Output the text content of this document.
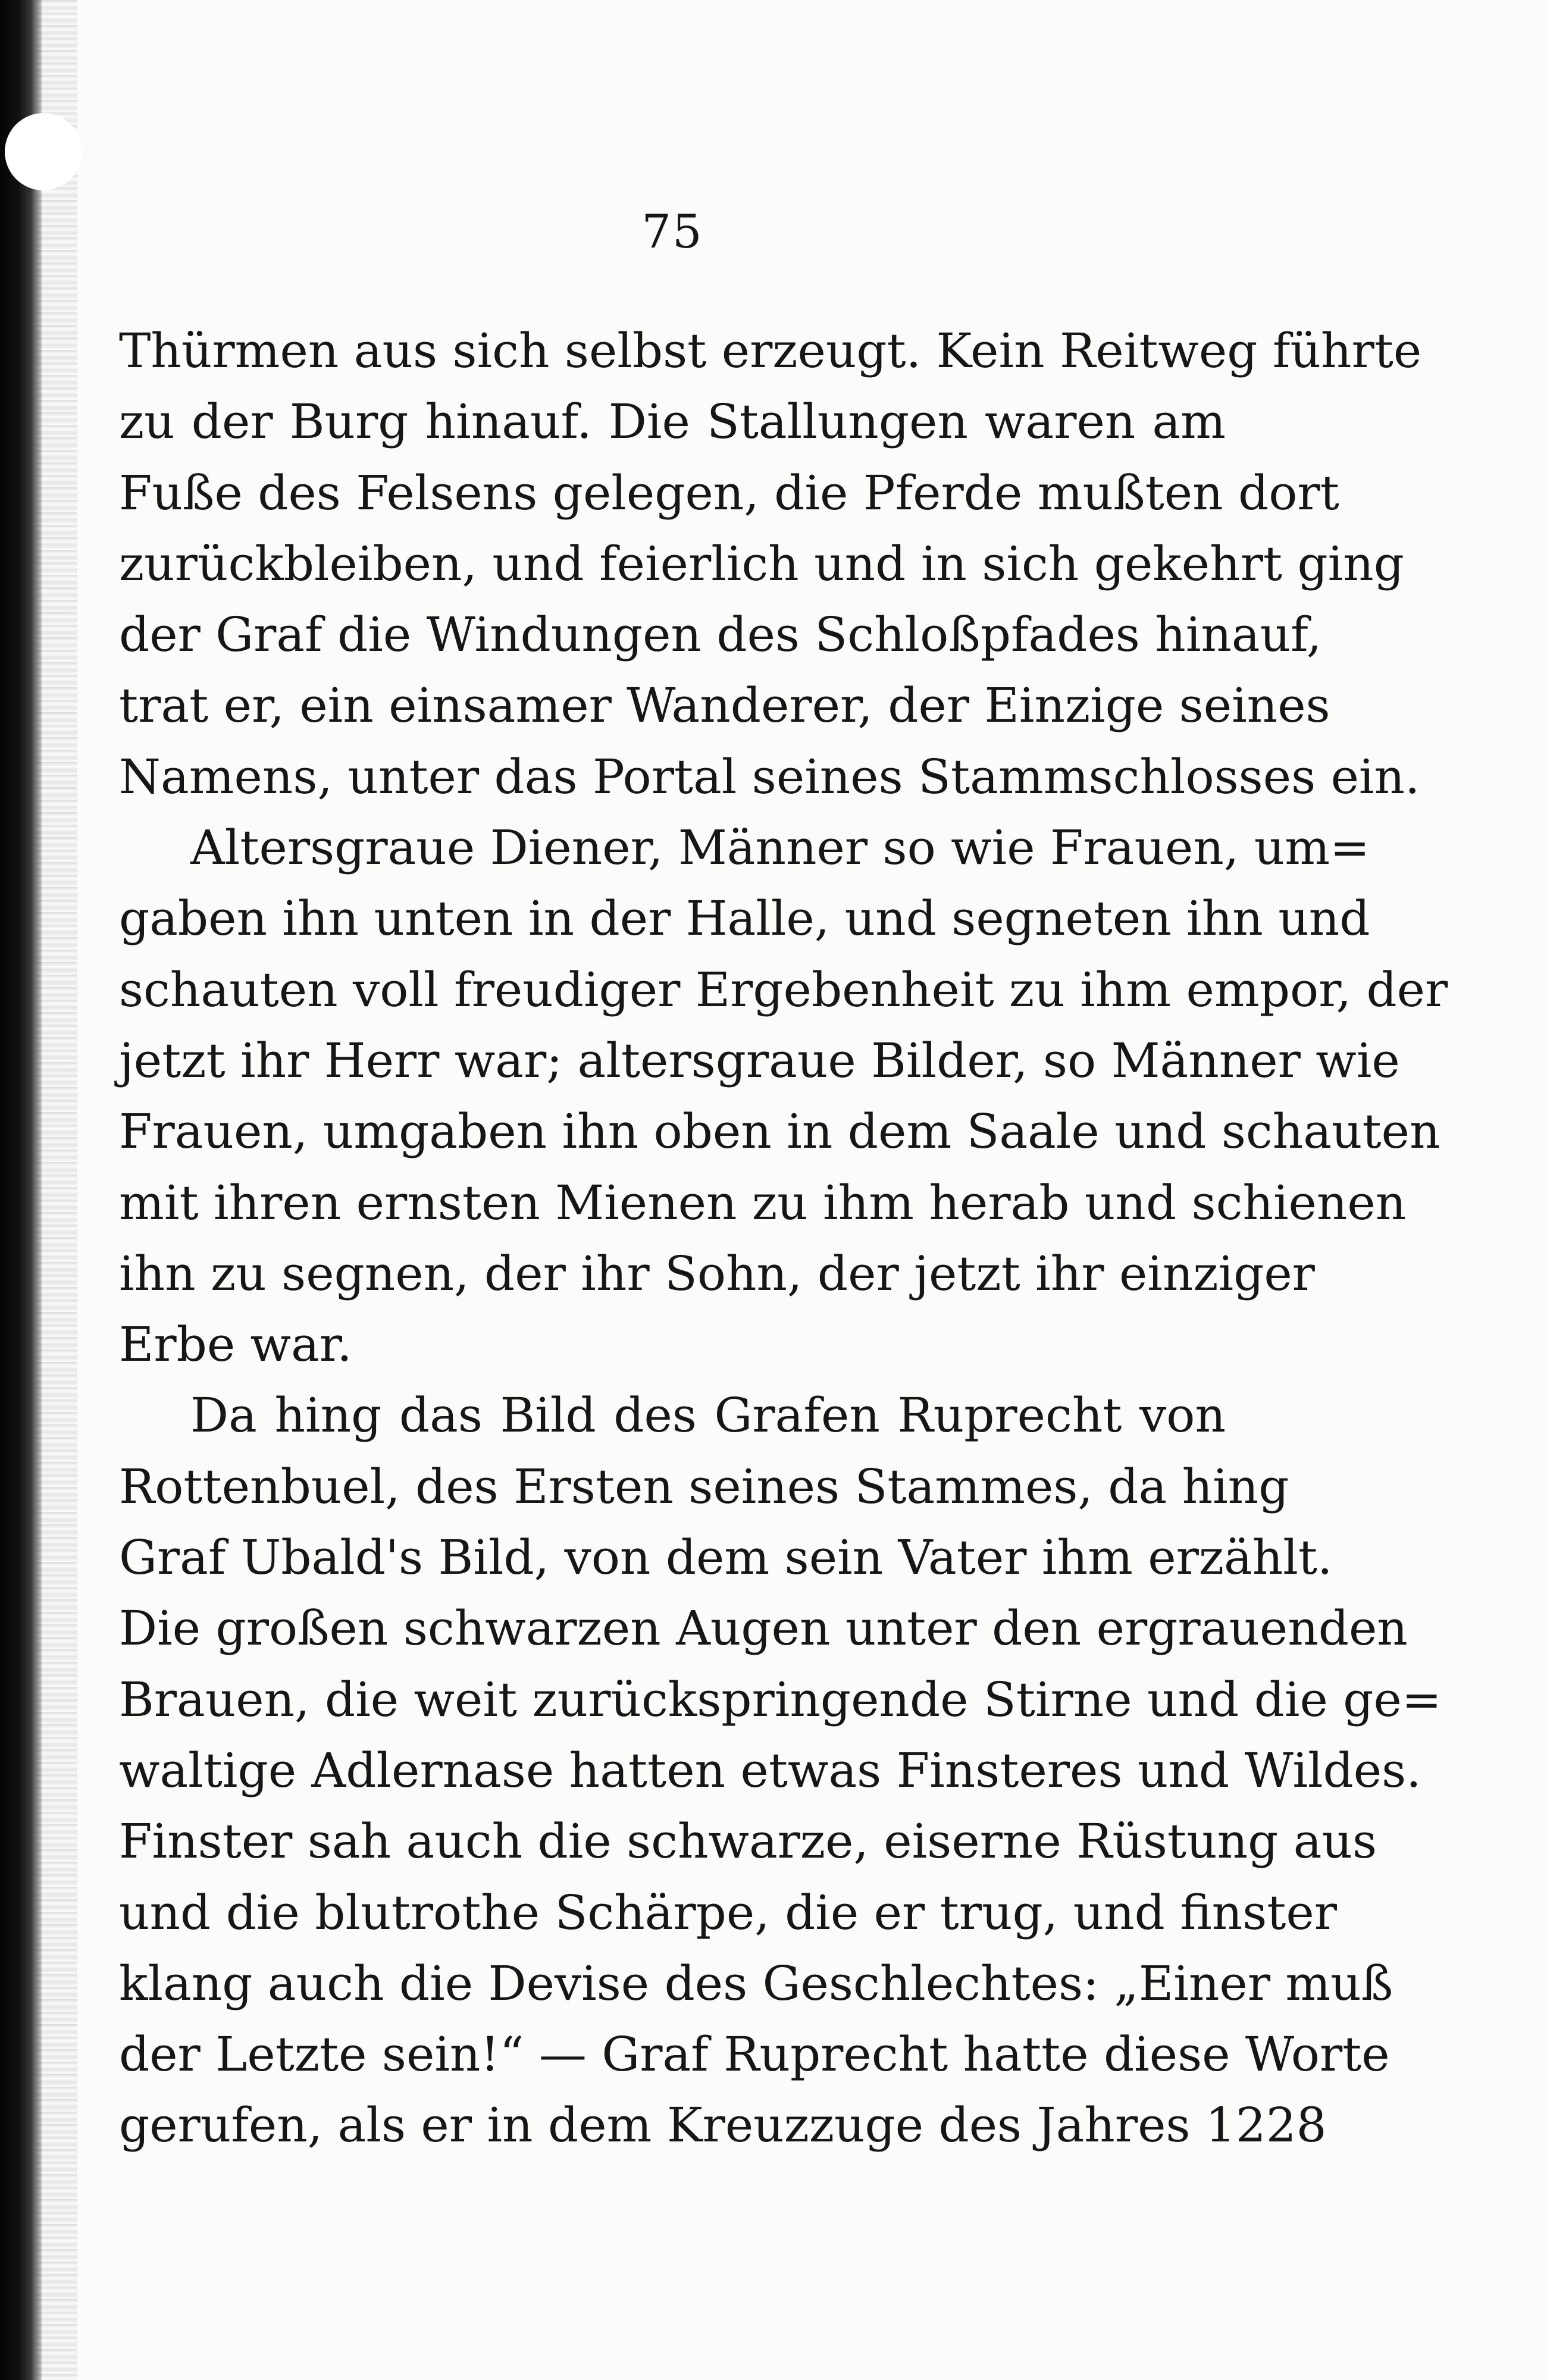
75
Thürmen aus sich selbst erzeugt. Kein Reitweg führte
zu der Burg hinauf. Die Stallungen waren am
Fuße des Felsens gelegen, die Pferde mußten dort
zurückbleiben, und feierlich und in sich gekehrt ging
der Graf die Windungen des Schloßpfades hinauf,
trat er, ein einsamer Wanderer, der Einzige seines
Namens, unter das Portal seines Stammschlosses ein.
Altersgraue Diener, Männer so wie Frauen, um=
gaben ihn unten in der Halle, und segneten ihn und
schauten voll freudiger Ergebenheit zu ihm empor, der
jetzt ihr Herr war; altersgraue Bilder, so Männer wie
Frauen, umgaben ihn oben in dem Saale und schauten
mit ihren ernsten Mienen zu ihm herab und schienen
ihn zu segnen, der ihr Sohn, der jetzt ihr einziger
Erbe war.
Da hing das Bild des Grafen Ruprecht von
Rottenbuel, des Ersten seines Stammes, da hing
Graf Ubald's Bild, von dem sein Vater ihm erzählt.
Die großen schwarzen Augen unter den ergrauenden
Brauen, die weit zurückspringende Stirne und die ge=
waltige Adlernase hatten etwas Finsteres und Wildes.
Finster sah auch die schwarze, eiserne Rüstung aus
und die blutrothe Schärpe, die er trug, und finster
klang auch die Devise des Geschlechtes: „Einer muß
der Letzte sein!“ — Graf Ruprecht hatte diese Worte
gerufen, als er in dem Kreuzzuge des Jahres 1228
